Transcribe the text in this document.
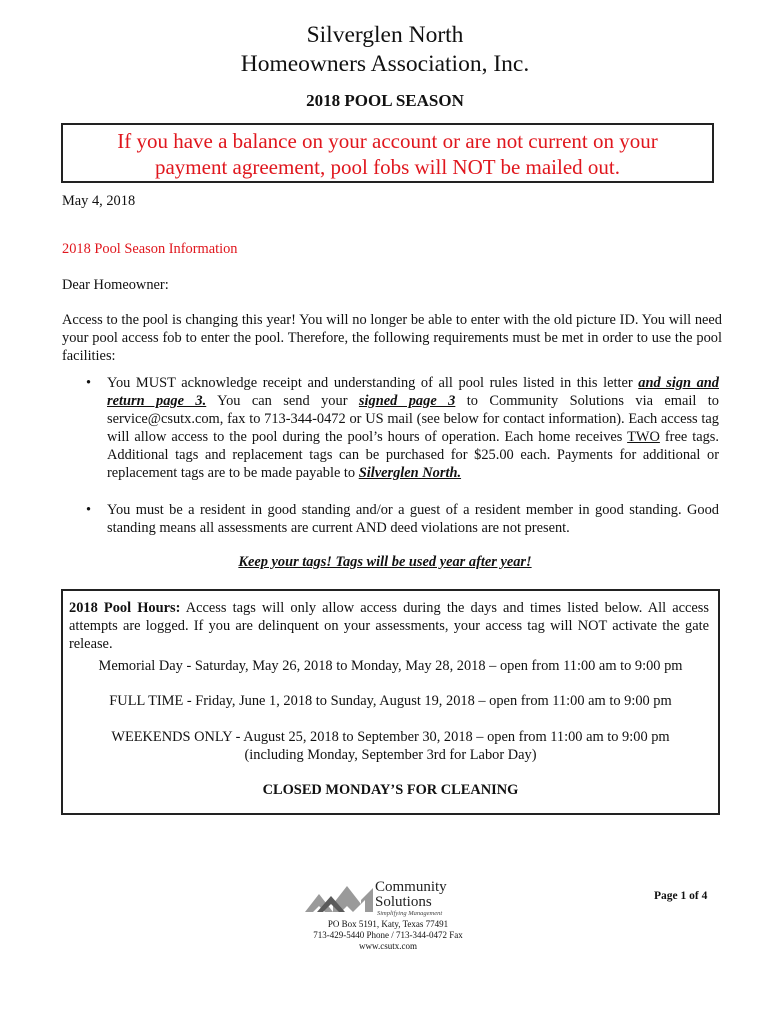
Silverglen North
Homeowners Association, Inc.
2018 POOL SEASON
If you have a balance on your account or are not current on your
payment agreement, pool fobs will NOT be mailed out.
May 4, 2018
2018 Pool Season Information
Dear Homeowner:
Access to the pool is changing this year! You will no longer be able to enter with the old picture ID. You will need your pool access fob to enter the pool. Therefore, the following requirements must be met in order to use the pool facilities:
• You MUST acknowledge receipt and understanding of all pool rules listed in this letter and sign and return page 3. You can send your signed page 3 to Community Solutions via email to service@csutx.com, fax to 713-344-0472 or US mail (see below for contact information). Each access tag will allow access to the pool during the pool’s hours of operation. Each home receives TWO free tags. Additional tags and replacement tags can be purchased for $25.00 each. Payments for additional or replacement tags are to be made payable to Silverglen North.
• You must be a resident in good standing and/or a guest of a resident member in good standing. Good standing means all assessments are current AND deed violations are not present.
Keep your tags! Tags will be used year after year!
2018 Pool Hours: Access tags will only allow access during the days and times listed below. All access attempts are logged. If you are delinquent on your assessments, your access tag will NOT activate the gate release.
Memorial Day - Saturday, May 26, 2018 to Monday, May 28, 2018 – open from 11:00 am to 9:00 pm
FULL TIME - Friday, June 1, 2018 to Sunday, August 19, 2018 – open from 11:00 am to 9:00 pm
WEEKENDS ONLY - August 25, 2018 to September 30, 2018 – open from 11:00 am to 9:00 pm
(including Monday, September 3rd for Labor Day)
CLOSED MONDAY’S FOR CLEANING
Community
Solutions
Simplifying Management
PO Box 5191, Katy, Texas 77491
713-429-5440 Phone / 713-344-0472 Fax
www.csutx.com
Page 1 of 4
